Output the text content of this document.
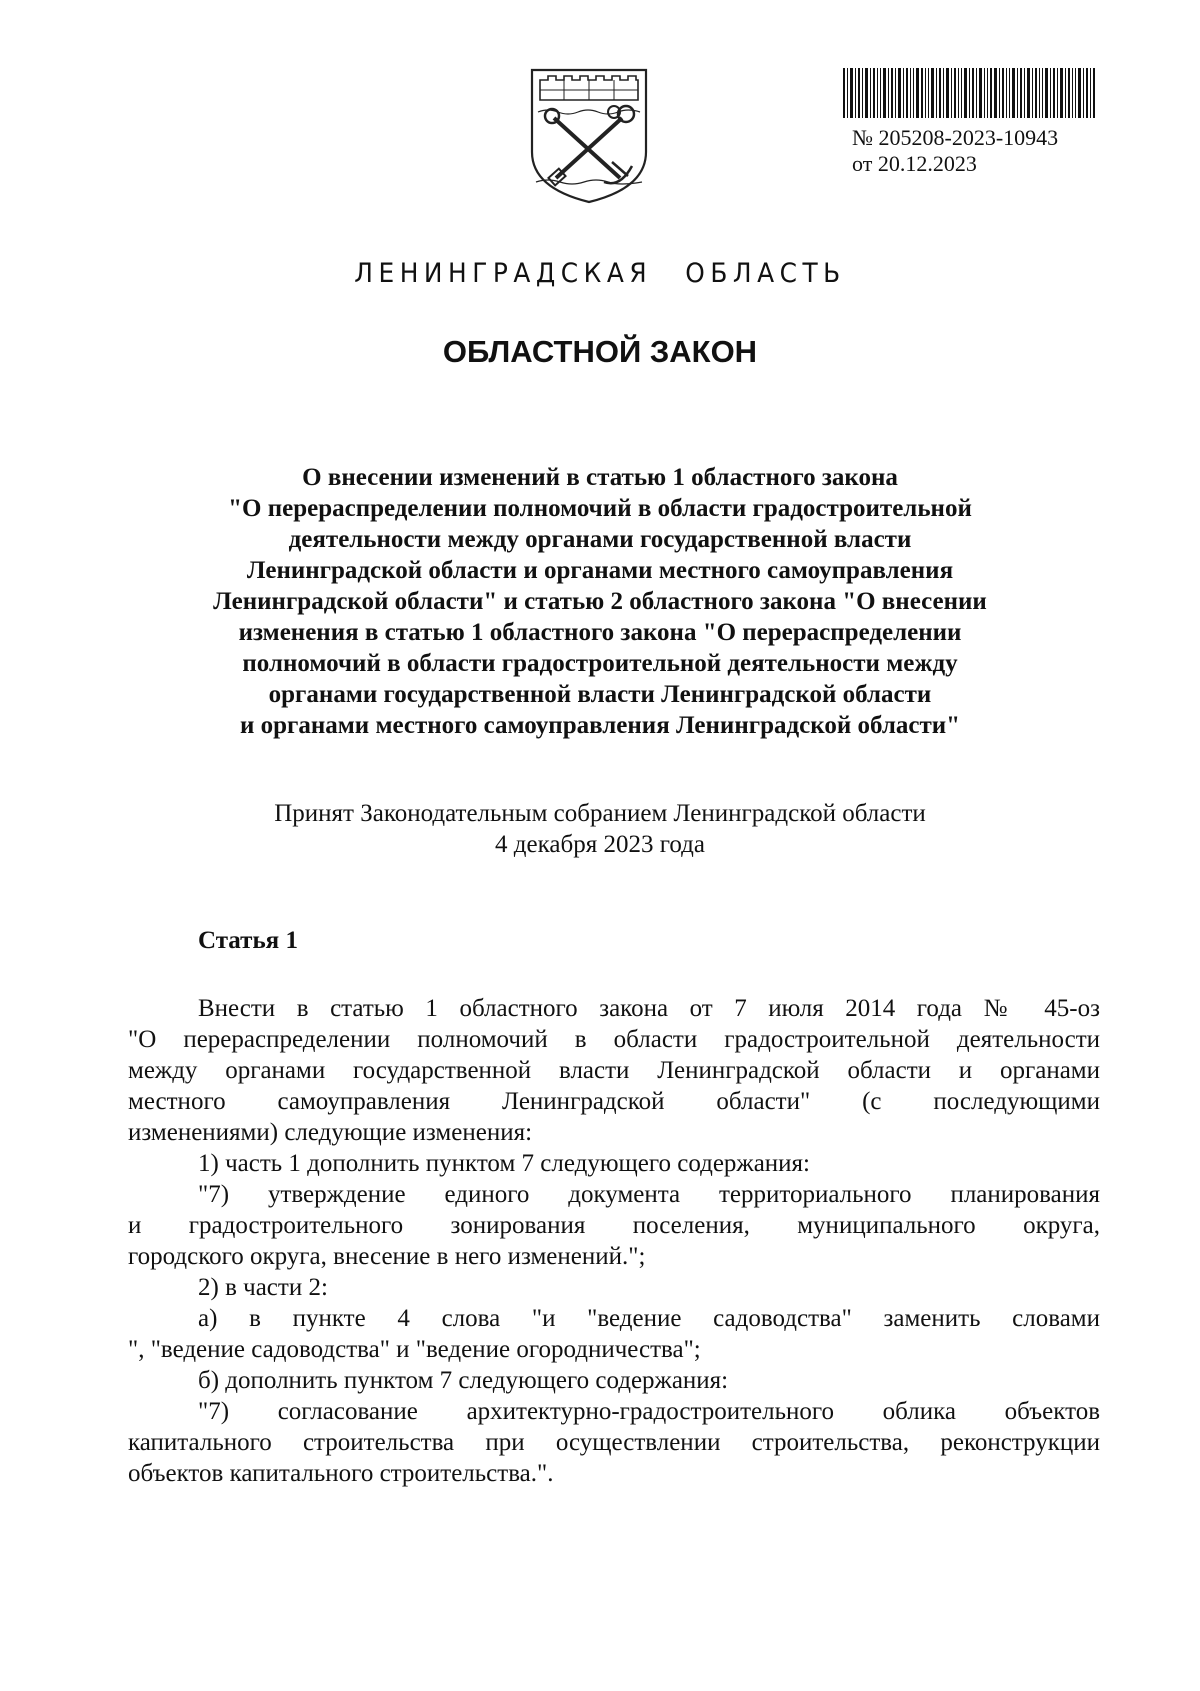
№ 205208-2023-10943
от 20.12.2023
ЛЕНИНГРАДСКАЯ ОБЛАСТЬ
ОБЛАСТНОЙ ЗАКОН
О внесении изменений в статью 1 областного закона
"О перераспределении полномочий в области градостроительной
деятельности между органами государственной власти
Ленинградской области и органами местного самоуправления
Ленинградской области" и статью 2 областного закона "О внесении
изменения в статью 1 областного закона "О перераспределении
полномочий в области градостроительной деятельности между
органами государственной власти Ленинградской области
и органами местного самоуправления Ленинградской области"
Принят Законодательным собранием Ленинградской области
4 декабря 2023 года
Статья 1
Внести в статью 1 областного закона от 7 июля 2014 года № 45-оз
"О перераспределении полномочий в области градостроительной деятельности
между органами государственной власти Ленинградской области и органами
местного самоуправления Ленинградской области" (с последующими
изменениями) следующие изменения:
1) часть 1 дополнить пунктом 7 следующего содержания:
"7) утверждение единого документа территориального планирования
и градостроительного зонирования поселения, муниципального округа,
городского округа, внесение в него изменений.";
2) в части 2:
а) в пункте 4 слова "и "ведение садоводства" заменить словами
", "ведение садоводства" и "ведение огородничества";
б) дополнить пунктом 7 следующего содержания:
"7) согласование архитектурно-градостроительного облика объектов
капитального строительства при осуществлении строительства, реконструкции
объектов капитального строительства.".
